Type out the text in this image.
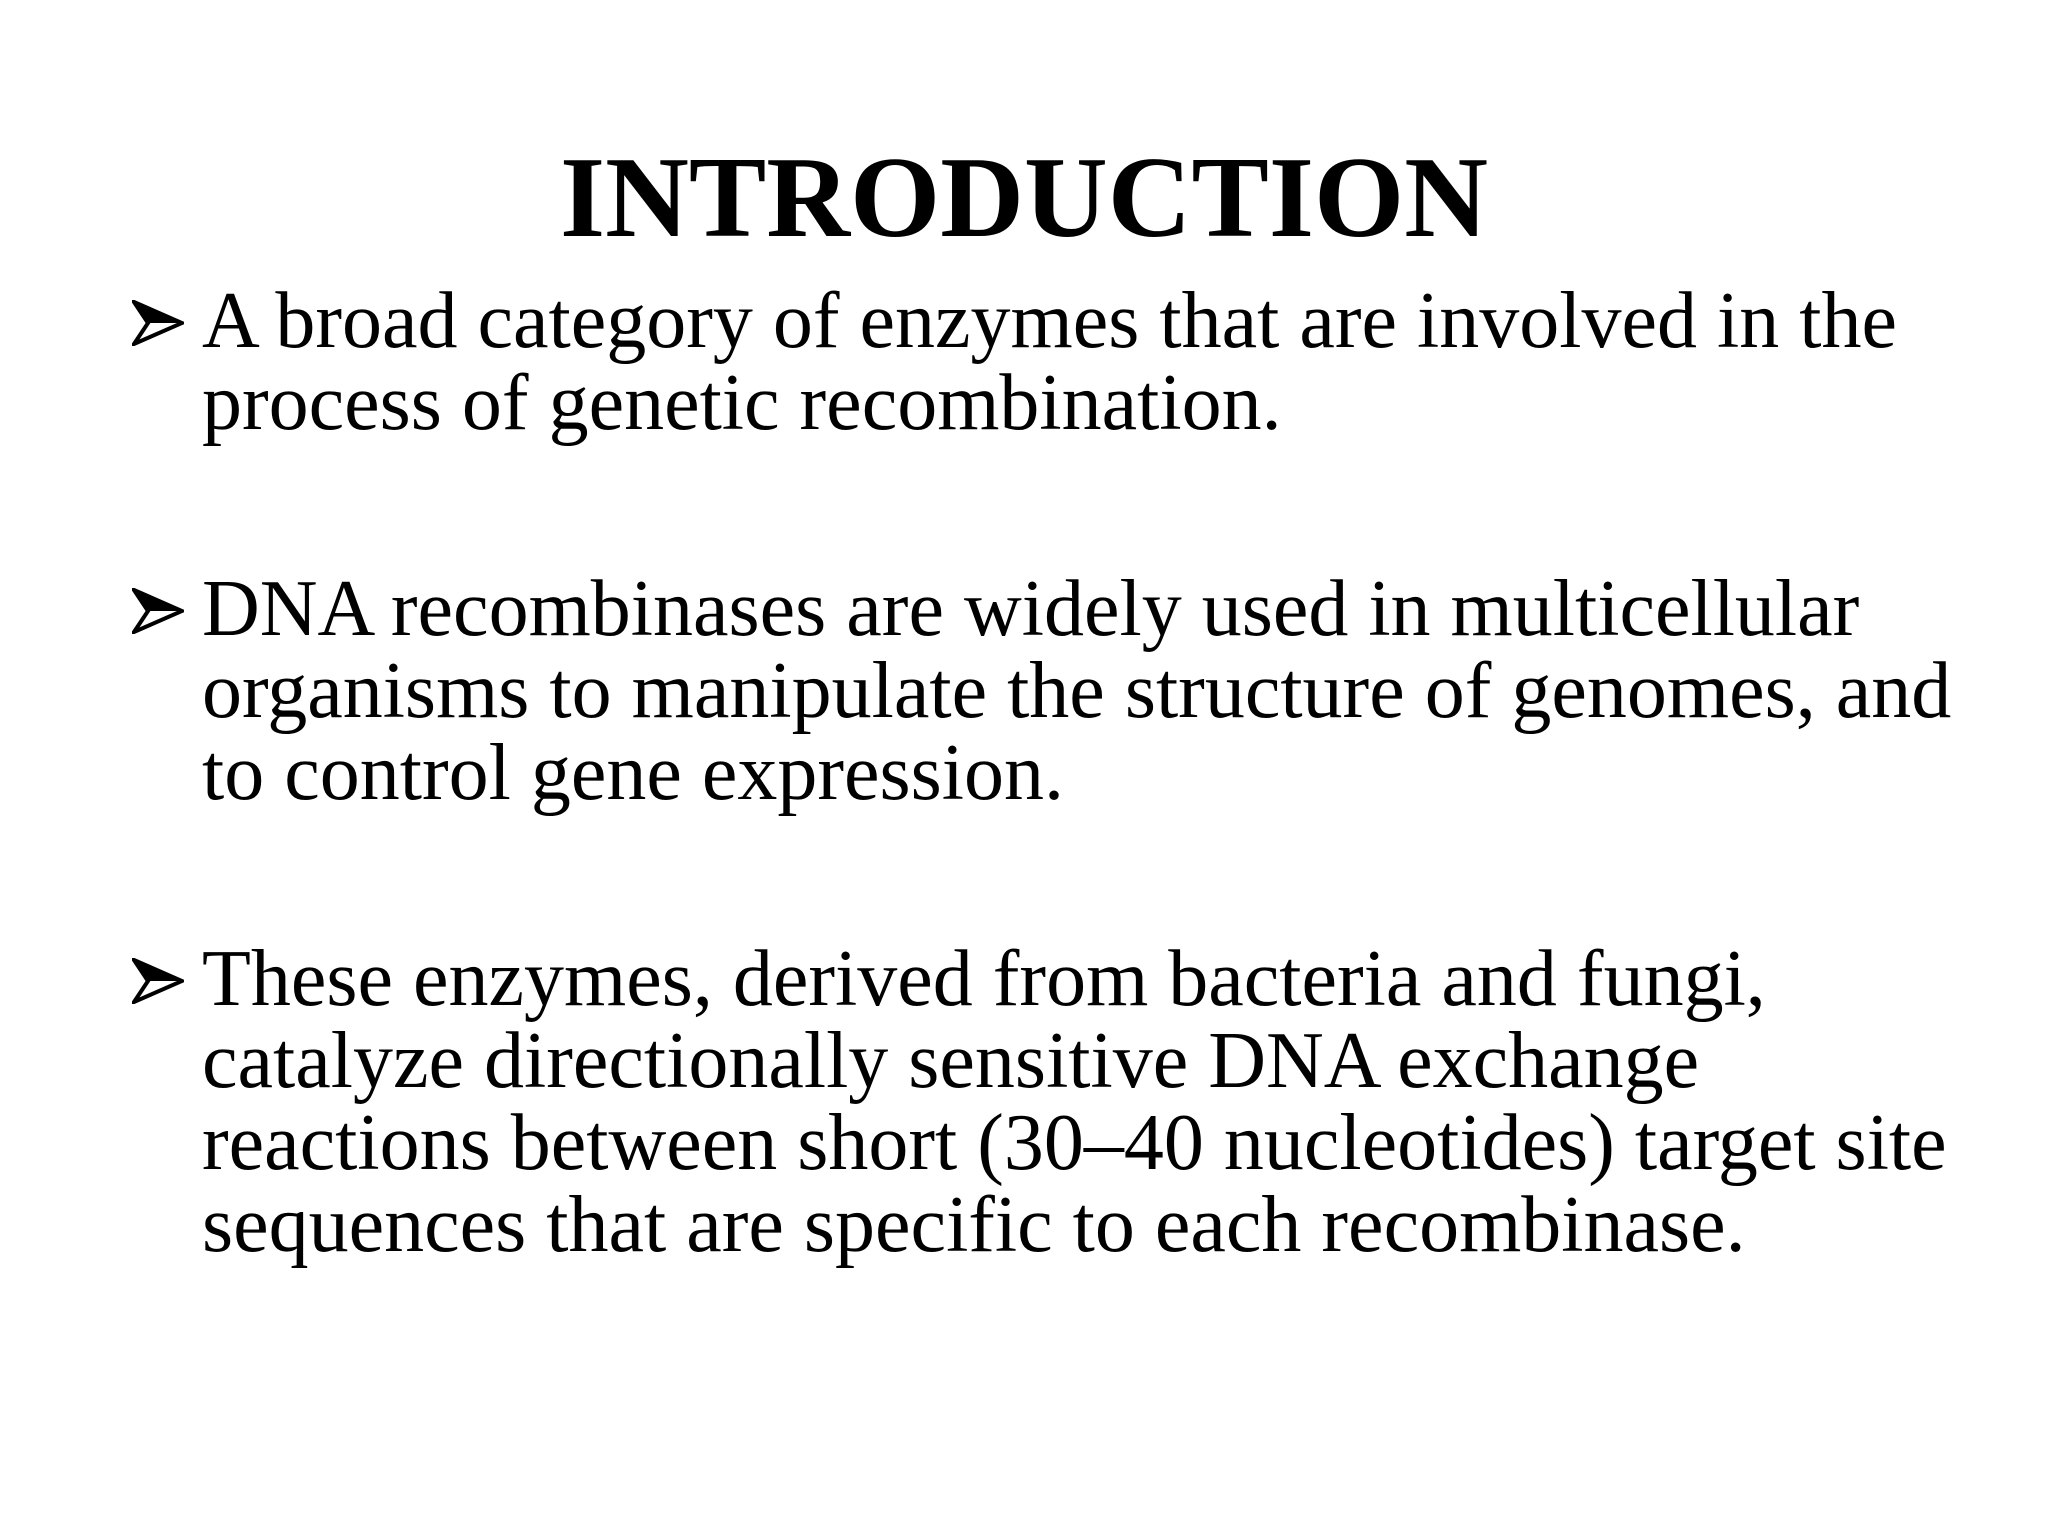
INTRODUCTION
A broad category of enzymes that are involved in the process of genetic recombination.
DNA recombinases are widely used in multicellular organisms to manipulate the structure of genomes, and to control gene expression.
These enzymes, derived from bacteria and fungi, catalyze directionally sensitive DNA exchange reactions between short (30–40 nucleotides) target site sequences that are specific to each recombinase.
